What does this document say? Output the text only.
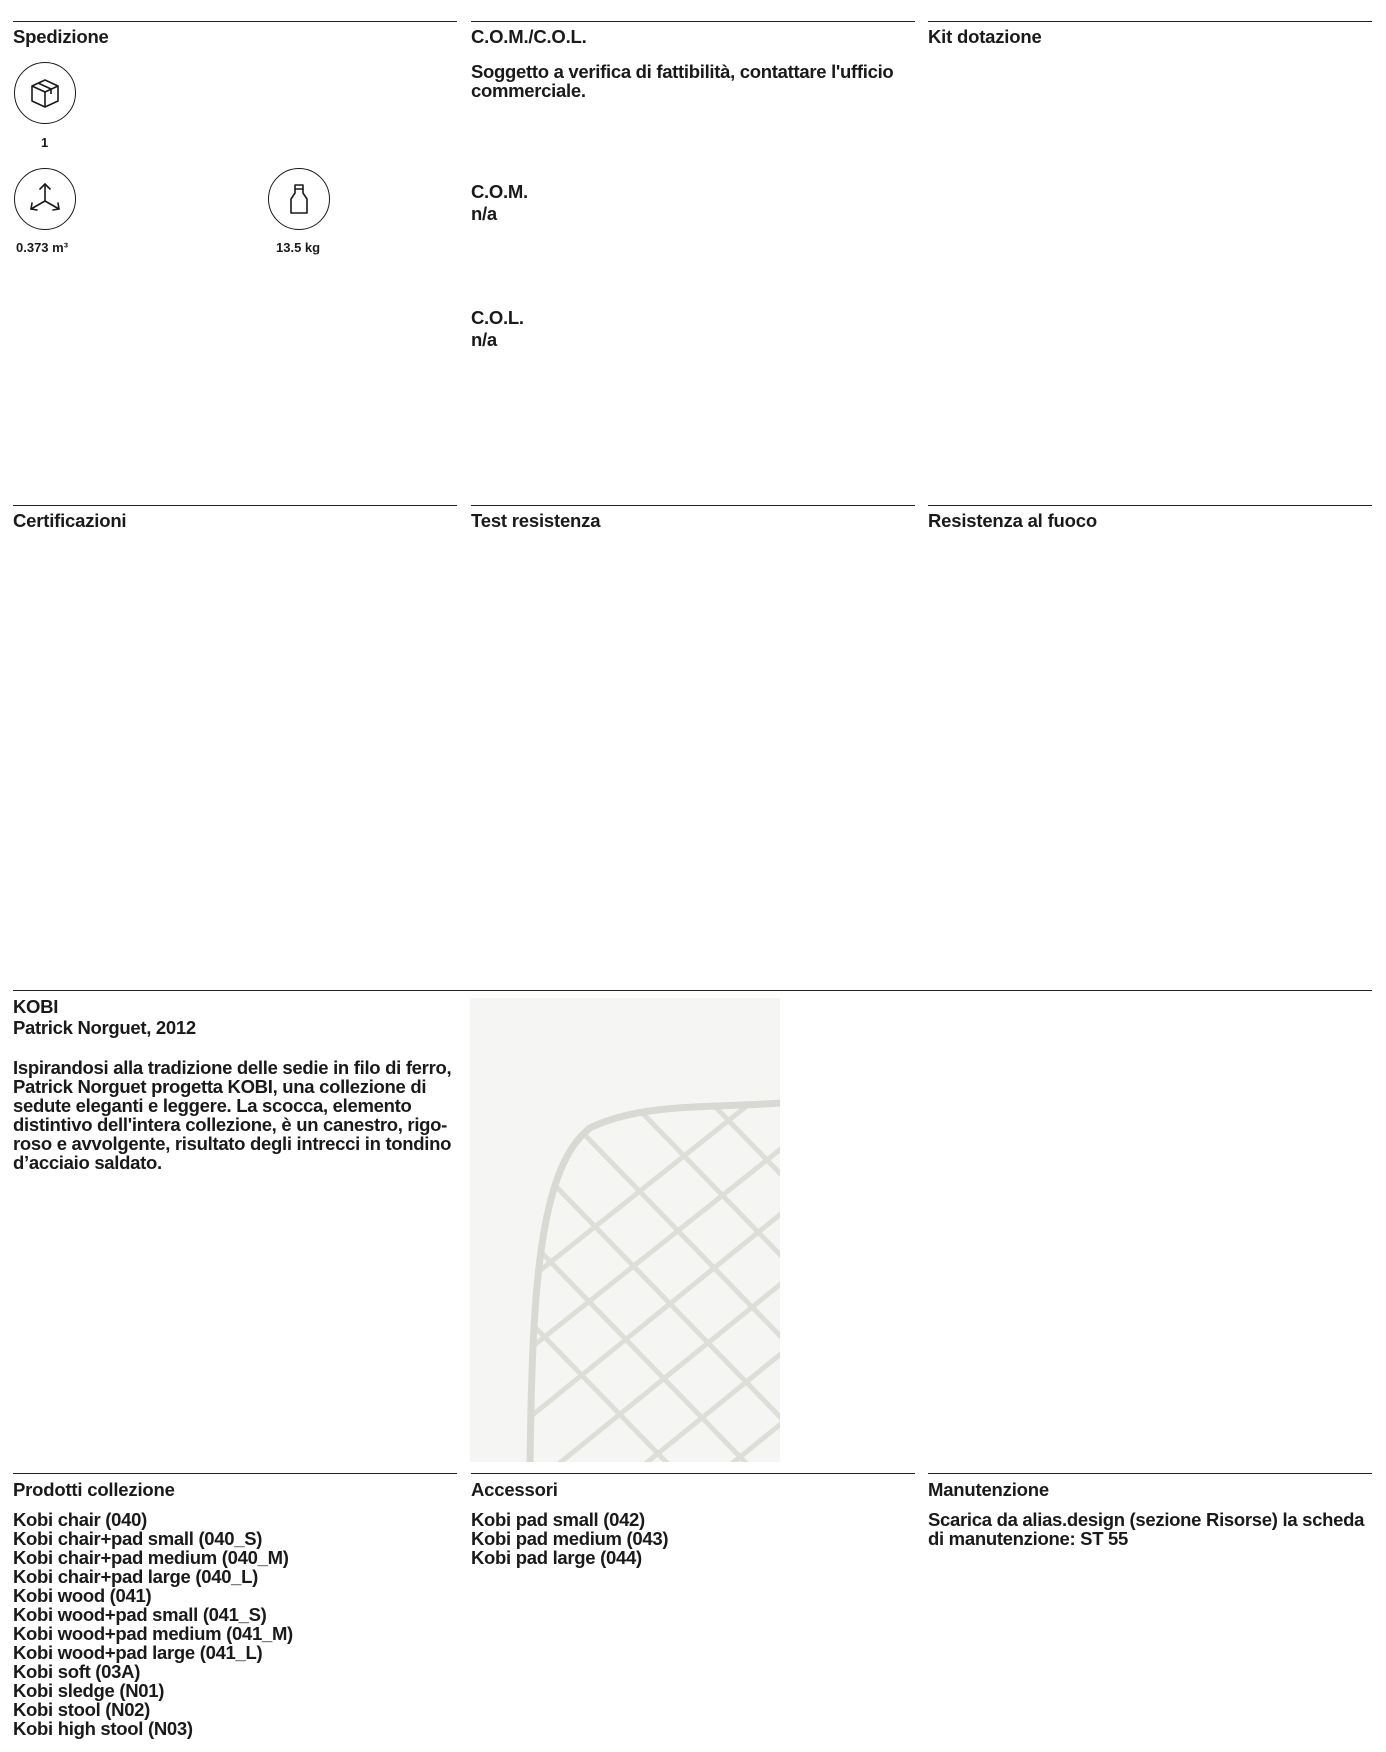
Spedizione	C.O.M./C.O.L.	Kit dotazione
1
0.373 m³	13.5 kg
Soggetto a verifica di fattibilità, contattare l'ufficio commerciale.
C.O.M.
n/a
C.O.L.
n/a
Certificazioni	Test resistenza	Resistenza al fuoco
KOBI
Patrick Norguet, 2012
Ispirandosi alla tradizione delle sedie in filo di ferro,
Patrick Norguet progetta KOBI, una collezione di
sedute eleganti e leggere. La scocca, elemento
distintivo dell'intera collezione, è un canestro, rigo-
roso e avvolgente, risultato degli intrecci in tondino
d’acciaio saldato.
Prodotti collezione	Accessori	Manutenzione
Kobi chair (040)
Kobi chair+pad small (040_S)
Kobi chair+pad medium (040_M)
Kobi chair+pad large (040_L)
Kobi wood (041)
Kobi wood+pad small (041_S)
Kobi wood+pad medium (041_M)
Kobi wood+pad large (041_L)
Kobi soft (03A)
Kobi sledge (N01)
Kobi stool (N02)
Kobi high stool (N03)
Kobi pad small (042)
Kobi pad medium (043)
Kobi pad large (044)
Scarica da alias.design (sezione Risorse) la scheda
di manutenzione: ST 55
